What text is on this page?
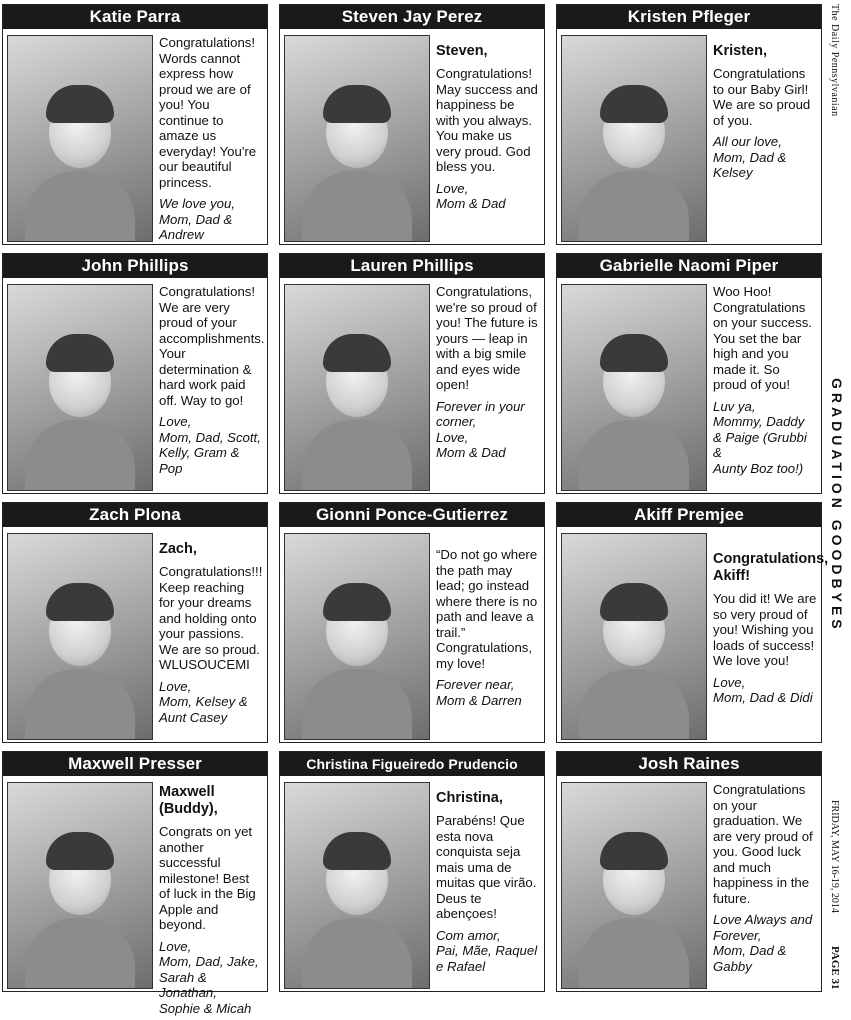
Katie Parra

Congratulations! Words cannot express how proud we are of you! You continue to amaze us everyday! You're our beautiful princess.

We love you,
Mom, Dad &
Andrew
Steven Jay Perez
Steven,

Congratulations! May success and happiness be with you always. You make us very proud. God bless you.

Love,
Mom & Dad
Kristen Pfleger
Kristen,

Congratulations to our Baby Girl! We are so proud of you.

All our love,
Mom, Dad &
Kelsey
John Phillips

Congratulations! We are very proud of your accomplishments. Your determination & hard work paid off. Way to go!

Love,
Mom, Dad, Scott,
Kelly, Gram &
Pop
Lauren Phillips

Congratulations, we're so proud of you! The future is yours — leap in with a big smile and eyes wide open!

Forever in your corner,
Love,
Mom & Dad
Gabrielle Naomi Piper

Woo Hoo! Congratulations on your success. You set the bar high and you made it. So proud of you!

Luv ya,
Mommy, Daddy
& Paige (Grubbi &
Aunty Boz too!)
Zach Plona
Zach,

Congratulations!!! Keep reaching for your dreams and holding onto your passions. We are so proud. WLUSOUCEMI

Love,
Mom, Kelsey &
Aunt Casey
Gionni Ponce-Gutierrez

“Do not go where the path may lead; go instead where there is no path and leave a trail.” Congratulations, my love!

Forever near,
Mom & Darren
Akiff Premjee
Congratulations, Akiff!

You did it! We are so very proud of you! Wishing you loads of success! We love you!

Love,
Mom, Dad & Didi
Maxwell Presser
Maxwell (Buddy),

Congrats on yet another successful milestone! Best of luck in the Big Apple and beyond.

Love,
Mom, Dad, Jake,
Sarah & Jonathan,
Sophie & Micah
Christina Figueiredo Prudencio
Christina,

Parabéns! Que esta nova conquista seja mais uma de muitas que virão. Deus te abençoes!

Com amor,
Pai, Mãe, Raquel
e Rafael
Josh Raines

Congratulations on your graduation. We are very proud of you. Good luck and much happiness in the future.

Love Always and
Forever,
Mom, Dad &
Gabby
The Daily Pennsylvanian
GRADUATION GOODBYES
FRIDAY, MAY 16-19, 2014
PAGE 31
